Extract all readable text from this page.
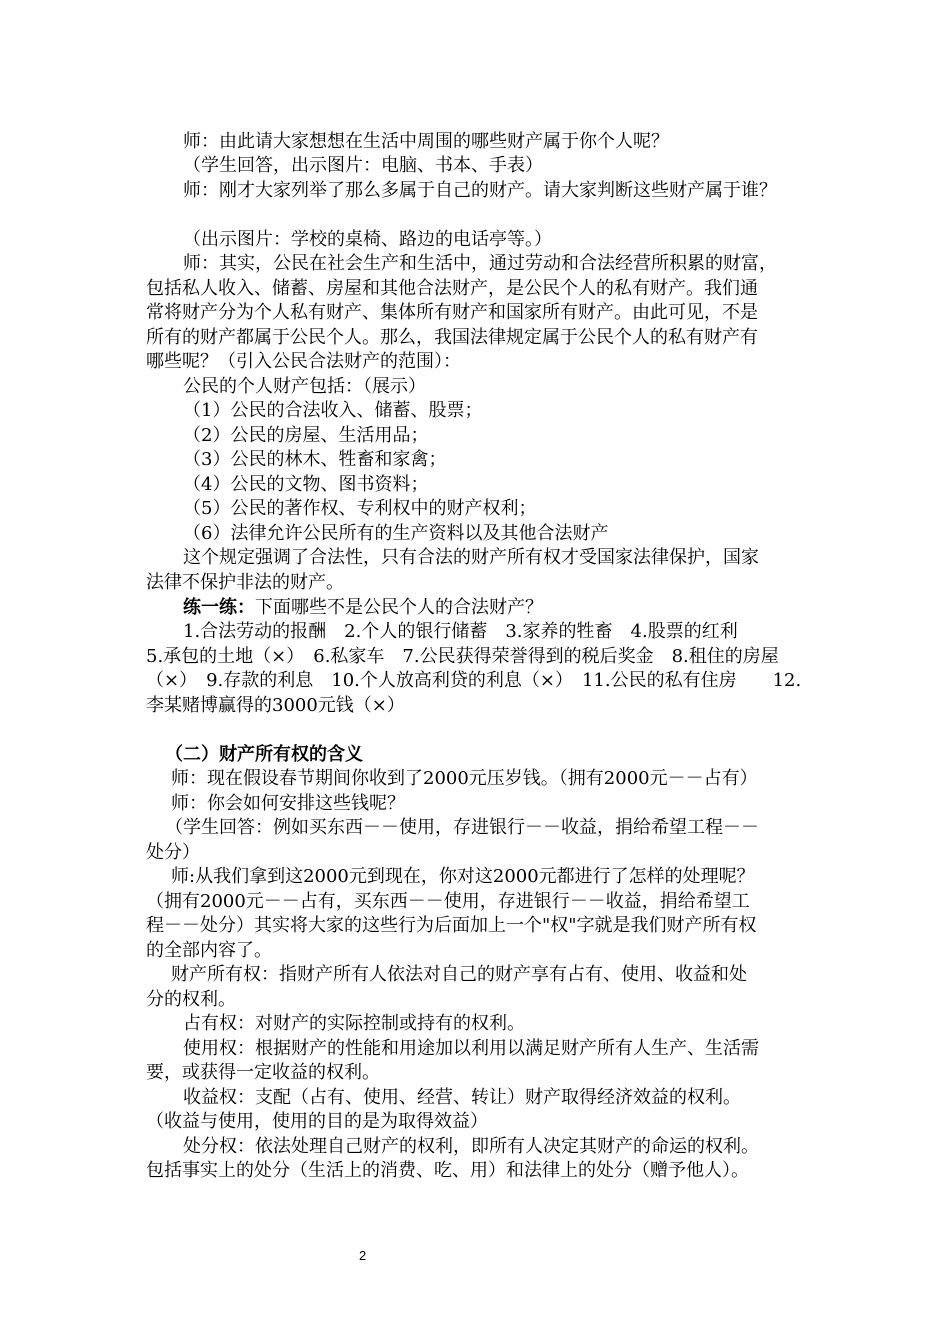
师：由此请大家想想在生活中周围的哪些财产属于你个人呢？
（学生回答，出示图片：电脑、书本、手表）
师：刚才大家列举了那么多属于自己的财产。请大家判断这些财产属于谁？
（出示图片：学校的桌椅、路边的电话亭等。）
师：其实，公民在社会生产和生活中，通过劳动和合法经营所积累的财富，
包括私人收入、储蓄、房屋和其他合法财产，是公民个人的私有财产。我们通
常将财产分为个人私有财产、集体所有财产和国家所有财产。由此可见，不是
所有的财产都属于公民个人。那么，我国法律规定属于公民个人的私有财产有
哪些呢？（引入公民合法财产的范围）：
公民的个人财产包括：（展示）
（1）公民的合法收入、储蓄、股票；
（2）公民的房屋、生活用品；
（3）公民的林木、牲畜和家禽；
（4）公民的文物、图书资料；
（5）公民的著作权、专利权中的财产权利；
（6）法律允许公民所有的生产资料以及其他合法财产
这个规定强调了合法性，只有合法的财产所有权才受国家法律保护，国家
法律不保护非法的财产。
练一练： 下面哪些不是公民个人的合法财产？
1.合法劳动的报酬　2.个人的银行储蓄　3.家养的牲畜　4.股票的红利
5.承包的土地（×）　6.私家车　7.公民获得荣誉得到的税后奖金　8.租住的房屋
（×）　9.存款的利息　10.个人放高利贷的利息（×）　11.公民的私有住房　　12.
李某赌博赢得的3000元钱（×）
（二）财产所有权的含义
师：现在假设春节期间你收到了2000元压岁钱。（拥有2000元－－占有）
师：你会如何安排这些钱呢？
（学生回答：例如买东西－－使用，存进银行－－收益，捐给希望工程－－
处分）
师:从我们拿到这2000元到现在，你对这2000元都进行了怎样的处理呢？
（拥有2000元－－占有，买东西－－使用，存进银行－－收益，捐给希望工
程－－处分）其实将大家的这些行为后面加上一个"权"字就是我们财产所有权
的全部内容了。
财产所有权：指财产所有人依法对自己的财产享有占有、使用、收益和处
分的权利。
占有权：对财产的实际控制或持有的权利。
使用权：根据财产的性能和用途加以利用以满足财产所有人生产、生活需
要，或获得一定收益的权利。
收益权：支配（占有、使用、经营、转让）财产取得经济效益的权利。
（收益与使用，使用的目的是为取得效益）
处分权：依法处理自己财产的权利，即所有人决定其财产的命运的权利。
包括事实上的处分（生活上的消费、吃、用）和法律上的处分（赠予他人）。
2
